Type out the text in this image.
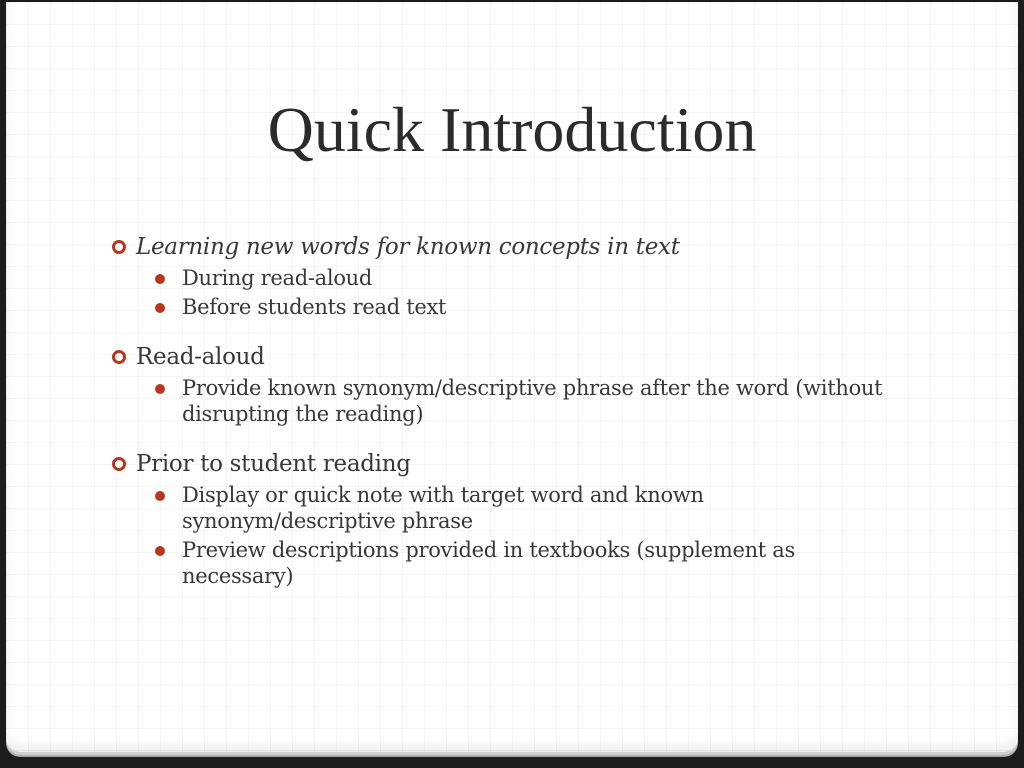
Quick Introduction
Learning new words for known concepts in text
During read-aloud
Before students read text
Read-aloud
Provide known synonym/descriptive phrase after the word (without disrupting the reading)
Prior to student reading
Display or quick note with target word and known synonym/descriptive phrase
Preview descriptions provided in textbooks (supplement as necessary)
